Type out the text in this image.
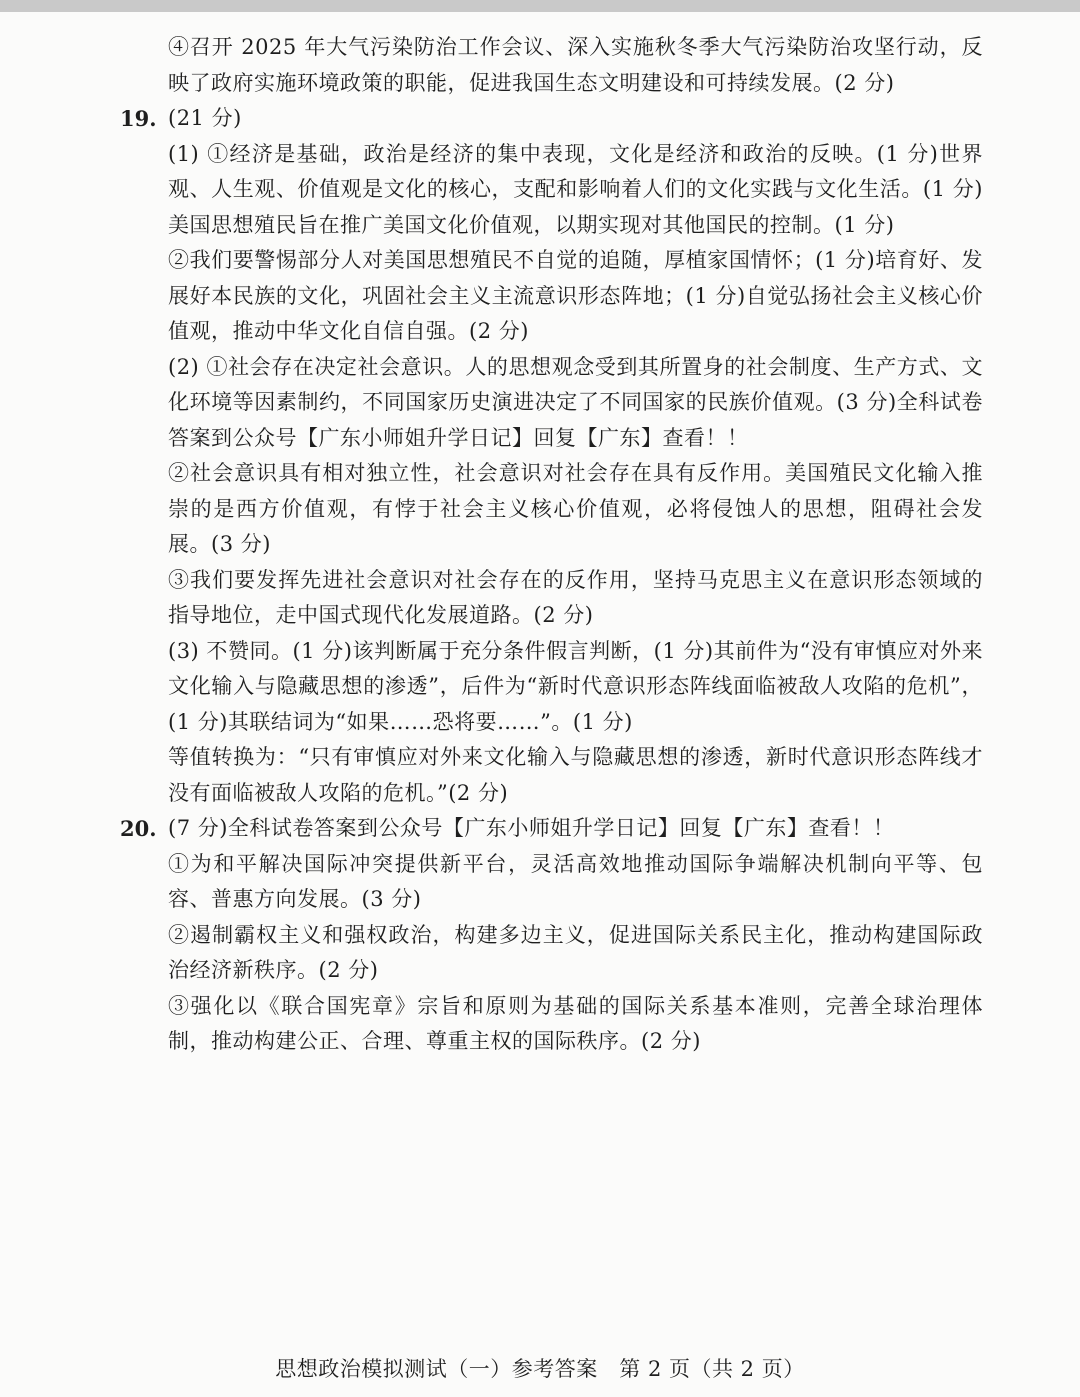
④召开 2025 年大气污染防治工作会议、深入实施秋冬季大气污染防治攻坚行动，反映了政府实施环境政策的职能，促进我国生态文明建设和可持续发展。(2 分)

19. (21 分)

(1) ①经济是基础，政治是经济的集中表现，文化是经济和政治的反映。(1 分)世界观、人生观、价值观是文化的核心，支配和影响着人们的文化实践与文化生活。(1 分)美国思想殖民旨在推广美国文化价值观，以期实现对其他国民的控制。(1 分)

②我们要警惕部分人对美国思想殖民不自觉的追随，厚植家国情怀；(1 分)培育好、发展好本民族的文化，巩固社会主义主流意识形态阵地；(1 分)自觉弘扬社会主义核心价值观，推动中华文化自信自强。(2 分)

(2) ①社会存在决定社会意识。人的思想观念受到其所置身的社会制度、生产方式、文化环境等因素制约，不同国家历史演进决定了不同国家的民族价值观。(3 分)全科试卷答案到公众号【广东小师姐升学日记】回复【广东】查看！！

②社会意识具有相对独立性，社会意识对社会存在具有反作用。美国殖民文化输入推崇的是西方价值观，有悖于社会主义核心价值观，必将侵蚀人的思想，阻碍社会发展。(3 分)

③我们要发挥先进社会意识对社会存在的反作用，坚持马克思主义在意识形态领域的指导地位，走中国式现代化发展道路。(2 分)

(3) 不赞同。(1 分)该判断属于充分条件假言判断，(1 分)其前件为“没有审慎应对外来文化输入与隐藏思想的渗透”，后件为“新时代意识形态阵线面临被敌人攻陷的危机”，(1 分)其联结词为“如果……恐将要……”。(1 分)

等值转换为：“只有审慎应对外来文化输入与隐藏思想的渗透，新时代意识形态阵线才没有面临被敌人攻陷的危机。”(2 分)

20. (7 分)全科试卷答案到公众号【广东小师姐升学日记】回复【广东】查看！！

①为和平解决国际冲突提供新平台，灵活高效地推动国际争端解决机制向平等、包容、普惠方向发展。(3 分)

②遏制霸权主义和强权政治，构建多边主义，促进国际关系民主化，推动构建国际政治经济新秩序。(2 分)

③强化以《联合国宪章》宗旨和原则为基础的国际关系基本准则，完善全球治理体制，推动构建公正、合理、尊重主权的国际秩序。(2 分)

思想政治模拟测试（一）参考答案　第 2 页（共 2 页）
